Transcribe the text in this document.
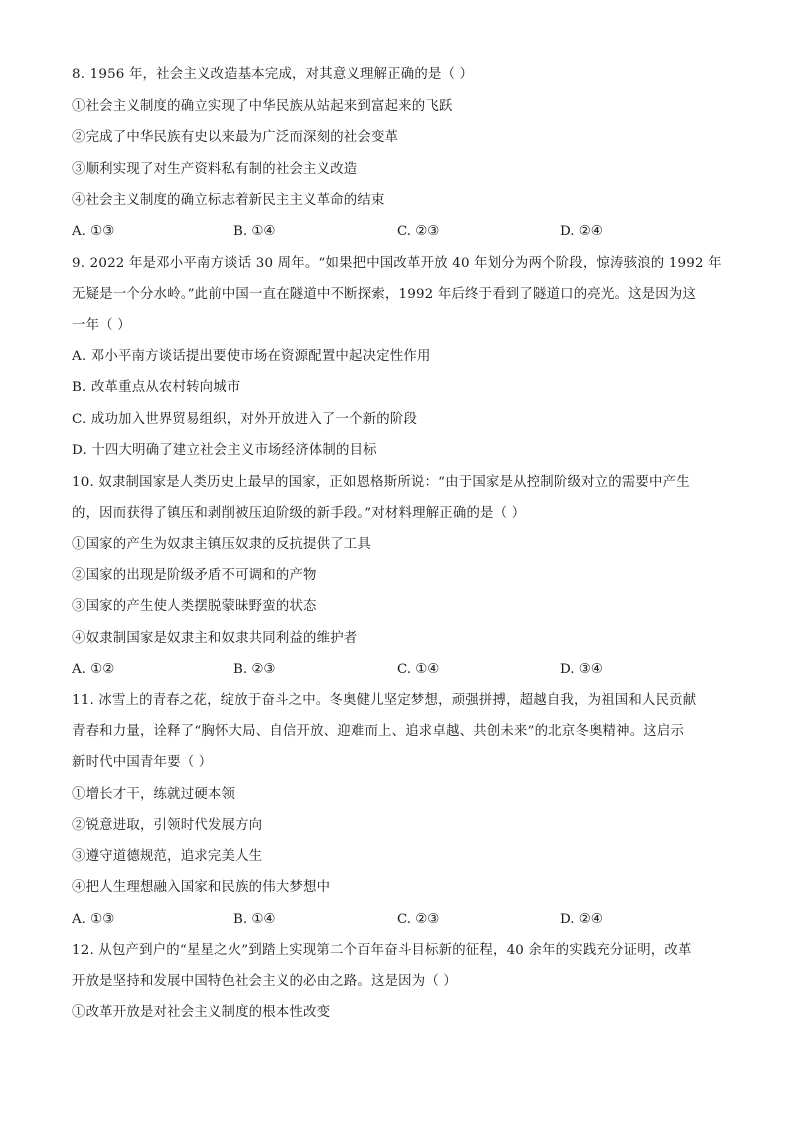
8. 1956 年，社会主义改造基本完成，对其意义理解正确的是（ ）
①社会主义制度的确立实现了中华民族从站起来到富起来的飞跃
②完成了中华民族有史以来最为广泛而深刻的社会变革
③顺利实现了对生产资料私有制的社会主义改造
④社会主义制度的确立标志着新民主主义革命的结束
A. ①③	B. ①④	C. ②③	D. ②④
9. 2022 年是邓小平南方谈话 30 周年。“如果把中国改革开放 40 年划分为两个阶段，惊涛骇浪的 1992 年
无疑是一个分水岭。”此前中国一直在隧道中不断探索，1992 年后终于看到了隧道口的亮光。这是因为这
一年（ ）
A. 邓小平南方谈话提出要使市场在资源配置中起决定性作用
B. 改革重点从农村转向城市
C. 成功加入世界贸易组织，对外开放进入了一个新的阶段
D. 十四大明确了建立社会主义市场经济体制的目标
10. 奴隶制国家是人类历史上最早的国家，正如恩格斯所说：“由于国家是从控制阶级对立的需要中产生
的，因而获得了镇压和剥削被压迫阶级的新手段。”对材料理解正确的是（ ）
①国家的产生为奴隶主镇压奴隶的反抗提供了工具
②国家的出现是阶级矛盾不可调和的产物
③国家的产生使人类摆脱蒙昧野蛮的状态
④奴隶制国家是奴隶主和奴隶共同利益的维护者
A. ①②	B. ②③	C. ①④	D. ③④
11. 冰雪上的青春之花，绽放于奋斗之中。冬奥健儿坚定梦想，顽强拼搏，超越自我，为祖国和人民贡献
青春和力量，诠释了“胸怀大局、自信开放、迎难而上、追求卓越、共创未来”的北京冬奥精神。这启示
新时代中国青年要（ ）
①增长才干，练就过硬本领
②锐意进取，引领时代发展方向
③遵守道德规范，追求完美人生
④把人生理想融入国家和民族的伟大梦想中
A. ①③	B. ①④	C. ②③	D. ②④
12. 从包产到户的“星星之火”到踏上实现第二个百年奋斗目标新的征程，40 余年的实践充分证明，改革
开放是坚持和发展中国特色社会主义的必由之路。这是因为（ ）
①改革开放是对社会主义制度的根本性改变
